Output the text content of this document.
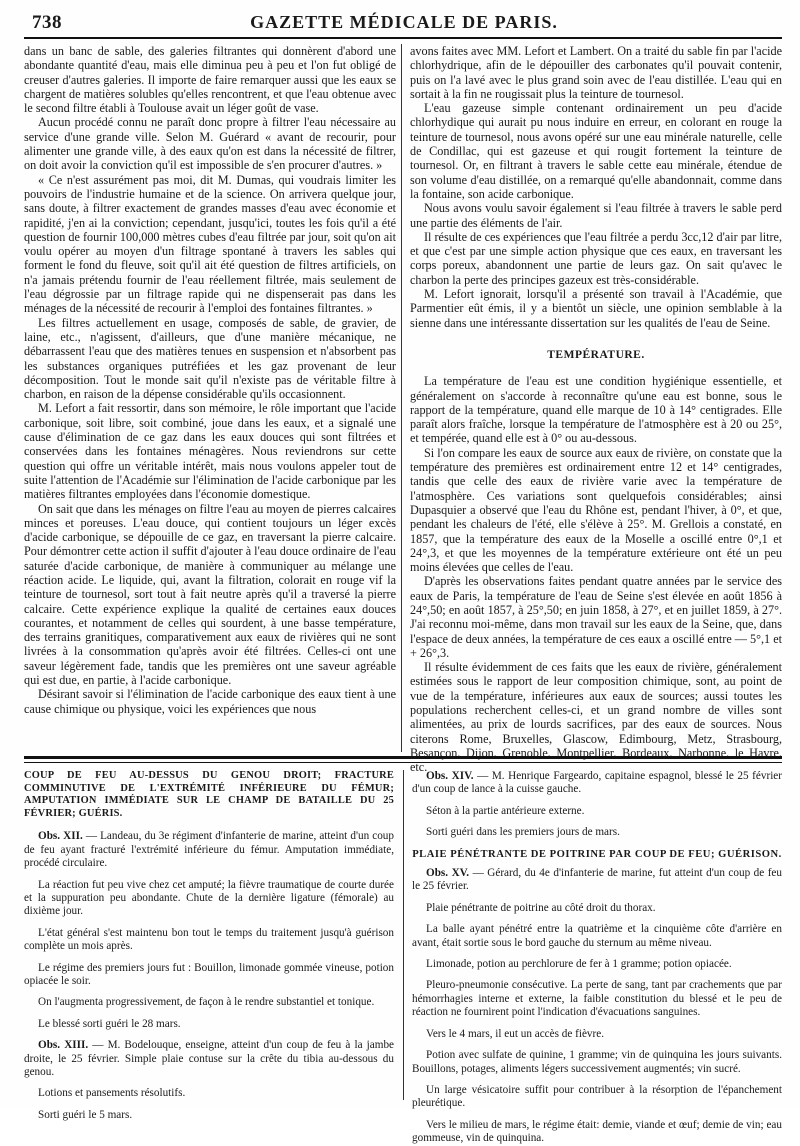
738	GAZETTE MÉDICALE DE PARIS.

dans un banc de sable, des galeries filtrantes qui donnèrent d'abord une abondante quantité d'eau, mais elle diminua peu à peu et l'on fut obligé de creuser d'autres galeries. Il importe de faire remarquer aussi que les eaux se chargent de matières solubles qu'elles rencontrent, et que l'eau obtenue avec le second filtre établi à Toulouse avait un léger goût de vase.

Aucun procédé connu ne paraît donc propre à filtrer l'eau nécessaire au service d'une grande ville. Selon M. Guérard « avant de recourir, pour alimenter une grande ville, à des eaux qu'on est dans la nécessité de filtrer, on doit avoir la conviction qu'il est impossible de s'en procurer d'autres. »

« Ce n'est assurément pas moi, dit M. Dumas, qui voudrais limiter les pouvoirs de l'industrie humaine et de la science. On arrivera quelque jour, sans doute, à filtrer exactement de grandes masses d'eau avec économie et rapidité, j'en ai la conviction; cependant, jusqu'ici, toutes les fois qu'il a été question de fournir 100,000 mètres cubes d'eau filtrée par jour, soit qu'on ait voulu opérer au moyen d'un filtrage spontané à travers les sables qui forment le fond du fleuve, soit qu'il ait été question de filtres artificiels, on n'a jamais prétendu fournir de l'eau réellement filtrée, mais seulement de l'eau dégrossie par un filtrage rapide qui ne dispenserait pas dans les ménages de la nécessité de recourir à l'emploi des fontaines filtrantes. »

Les filtres actuellement en usage, composés de sable, de gravier, de laine, etc., n'agissent, d'ailleurs, que d'une manière mécanique, ne débarrassent l'eau que des matières tenues en suspension et n'absorbent pas les substances organiques putréfiées et les gaz provenant de leur décomposition. Tout le monde sait qu'il n'existe pas de véritable filtre à charbon, en raison de la dépense considérable qu'ils occasionnent.

M. Lefort a fait ressortir, dans son mémoire, le rôle important que l'acide carbonique, soit libre, soit combiné, joue dans les eaux, et a signalé une cause d'élimination de ce gaz dans les eaux douces qui sont filtrées et conservées dans les fontaines ménagères. Nous reviendrons sur cette question qui offre un véritable intérêt, mais nous voulons appeler tout de suite l'attention de l'Académie sur l'élimination de l'acide carbonique par les matières filtrantes employées dans l'économie domestique.

On sait que dans les ménages on filtre l'eau au moyen de pierres calcaires minces et poreuses. L'eau douce, qui contient toujours un léger excès d'acide carbonique, se dépouille de ce gaz, en traversant la pierre calcaire. Pour démontrer cette action il suffit d'ajouter à l'eau douce ordinaire de l'eau saturée d'acide carbonique, de manière à communiquer au mélange une réaction acide. Le liquide, qui, avant la filtration, colorait en rouge vif la teinture de tournesol, sort tout à fait neutre après qu'il a traversé la pierre calcaire. Cette expérience explique la qualité de certaines eaux douces courantes, et notamment de celles qui sourdent, à une basse température, des terrains granitiques, comparativement aux eaux de rivières qui ne sont livrées à la consommation qu'après avoir été filtrées. Celles-ci ont une saveur légèrement fade, tandis que les premières ont une saveur agréable qui est due, en partie, à l'acide carbonique.

Désirant savoir si l'élimination de l'acide carbonique des eaux tient à une cause chimique ou physique, voici les expériences que nous

avons faites avec MM. Lefort et Lambert. On a traité du sable fin par l'acide chlorhydrique, afin de le dépouiller des carbonates qu'il pouvait contenir, puis on l'a lavé avec le plus grand soin avec de l'eau distillée. L'eau qui en sortait à la fin ne rougissait plus la teinture de tournesol.

L'eau gazeuse simple contenant ordinairement un peu d'acide chlorhydique qui aurait pu nous induire en erreur, en colorant en rouge la teinture de tournesol, nous avons opéré sur une eau minérale naturelle, celle de Condillac, qui est gazeuse et qui rougit fortement la teinture de tournesol. Or, en filtrant à travers le sable cette eau minérale, étendue de son volume d'eau distillée, on a remarqué qu'elle abandonnait, comme dans la fontaine, son acide carbonique.

Nous avons voulu savoir également si l'eau filtrée à travers le sable perd une partie des éléments de l'air.

Il résulte de ces expériences que l'eau filtrée a perdu 3cc,12 d'air par litre, et que c'est par une simple action physique que ces eaux, en traversant les corps poreux, abandonnent une partie de leurs gaz. On sait qu'avec le charbon la perte des principes gazeux est très-considérable.

M. Lefort ignorait, lorsqu'il a présenté son travail à l'Académie, que Parmentier eût émis, il y a bientôt un siècle, une opinion semblable à la sienne dans une intéressante dissertation sur les qualités de l'eau de Seine.

TEMPÉRATURE.

La température de l'eau est une condition hygiénique essentielle, et généralement on s'accorde à reconnaître qu'une eau est bonne, sous le rapport de la température, quand elle marque de 10 à 14° centigrades. Elle paraît alors fraîche, lorsque la température de l'atmosphère est à 20 ou 25°, et tempérée, quand elle est à 0° ou au-dessous.

Si l'on compare les eaux de source aux eaux de rivière, on constate que la température des premières est ordinairement entre 12 et 14° centigrades, tandis que celle des eaux de rivière varie avec la température de l'atmosphère. Ces variations sont quelquefois considérables; ainsi Dupasquier a observé que l'eau du Rhône est, pendant l'hiver, à 0°, et que, pendant les chaleurs de l'été, elle s'élève à 25°. M. Grellois a constaté, en 1857, que la température des eaux de la Moselle a oscillé entre 0°,1 et 24°,3, et que les moyennes de la température extérieure ont été un peu moins élevées que celles de l'eau.

D'après les observations faites pendant quatre années par le service des eaux de Paris, la température de l'eau de Seine s'est élevée en août 1856 à 24°,50; en août 1857, à 25°,50; en juin 1858, à 27°, et en juillet 1859, à 27°. J'ai reconnu moi-même, dans mon travail sur les eaux de la Seine, que, dans l'espace de deux années, la température de ces eaux a oscillé entre — 5°,1 et + 26°,3.

Il résulte évidemment de ces faits que les eaux de rivière, généralement estimées sous le rapport de leur composition chimique, sont, au point de vue de la température, inférieures aux eaux de sources; aussi toutes les populations recherchent celles-ci, et un grand nombre de villes sont alimentées, au prix de lourds sacrifices, par des eaux de sources. Nous citerons Rome, Bruxelles, Glascow, Edimbourg, Metz, Strasbourg, Besançon, Dijon, Grenoble, Montpellier, Bordeaux, Narbonne, le Havre, etc.

COUP DE FEU AU-DESSUS DU GENOU DROIT; FRACTURE COMMINUTIVE DE L'EXTRÉMITÉ INFÉRIEURE DU FÉMUR; AMPUTATION IMMÉDIATE SUR LE CHAMP DE BATAILLE DU 25 FÉVRIER; GUÉRIS.

Obs. XII. — Landeau, du 3e régiment d'infanterie de marine, atteint d'un coup de feu ayant fracturé l'extrémité inférieure du fémur. Amputation immédiate, procédé circulaire.

La réaction fut peu vive chez cet amputé; la fièvre traumatique de courte durée et la suppuration peu abondante. Chute de la dernière ligature (fémorale) au dixième jour.

L'état général s'est maintenu bon tout le temps du traitement jusqu'à guérison complète un mois après.

Le régime des premiers jours fut : Bouillon, limonade gommée vineuse, potion opiacée le soir.

On l'augmenta progressivement, de façon à le rendre substantiel et tonique.

Le blessé sorti guéri le 28 mars.

Obs. XIII. — M. Bodelouque, enseigne, atteint d'un coup de feu à la jambe droite, le 25 février. Simple plaie contuse sur la crête du tibia au-dessous du genou.

Lotions et pansements résolutifs.

Sorti guéri le 5 mars.

Obs. XIV. — M. Henrique Fargeardo, capitaine espagnol, blessé le 25 février d'un coup de lance à la cuisse gauche.

Séton à la partie antérieure externe.

Sorti guéri dans les premiers jours de mars.

PLAIE PÉNÉTRANTE DE POITRINE PAR COUP DE FEU; GUÉRISON.

Obs. XV. — Gérard, du 4e d'infanterie de marine, fut atteint d'un coup de feu le 25 février.

Plaie pénétrante de poitrine au côté droit du thorax.

La balle ayant pénétré entre la quatrième et la cinquième côte d'arrière en avant, était sortie sous le bord gauche du sternum au même niveau.

Limonade, potion au perchlorure de fer à 1 gramme; potion opiacée.

Pleuro-pneumonie consécutive. La perte de sang, tant par crachements que par hémorrhagies interne et externe, la faible constitution du blessé et le peu de réaction ne fournirent point l'indication d'évacuations sanguines.

Vers le 4 mars, il eut un accès de fièvre.

Potion avec sulfate de quinine, 1 gramme; vin de quinquina les jours suivants. Bouillons, potages, aliments légers successivement augmentés; vin sucré.

Un large vésicatoire suffit pour contribuer à la résorption de l'épanchement pleurétique.

Vers le milieu de mars, le régime était: demie, viande et œuf; demie de vin; eau gommeuse, vin de quinquina.
